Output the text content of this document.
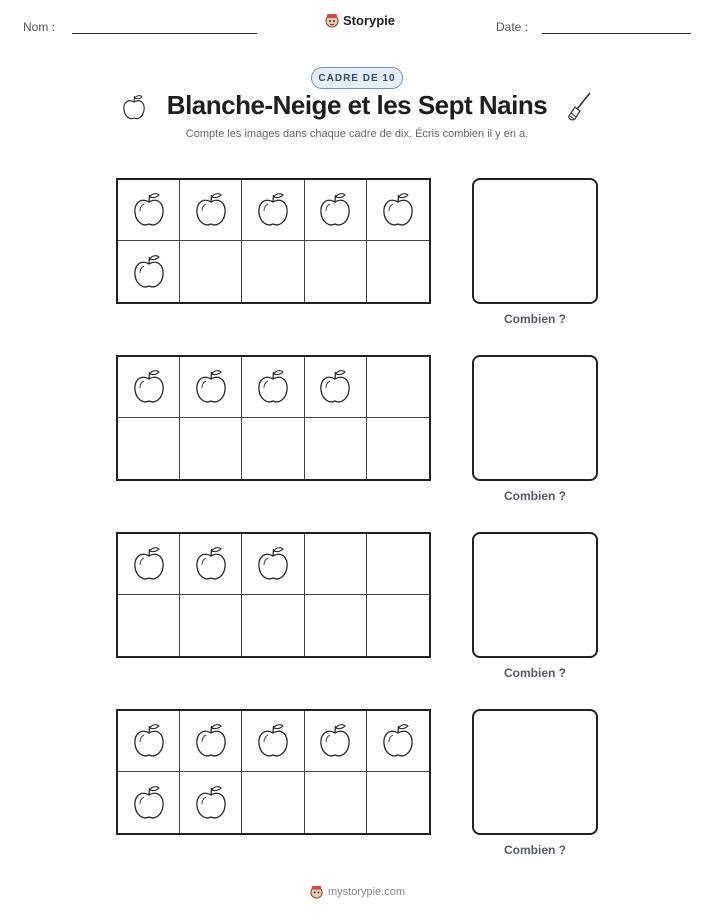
Nom :	Storypie	Date :
CADRE DE 10
Blanche-Neige et les Sept Nains
Compte les images dans chaque cadre de dix. Écris combien il y en a.
Combien ?
Combien ?
Combien ?
Combien ?
mystorypie.com
